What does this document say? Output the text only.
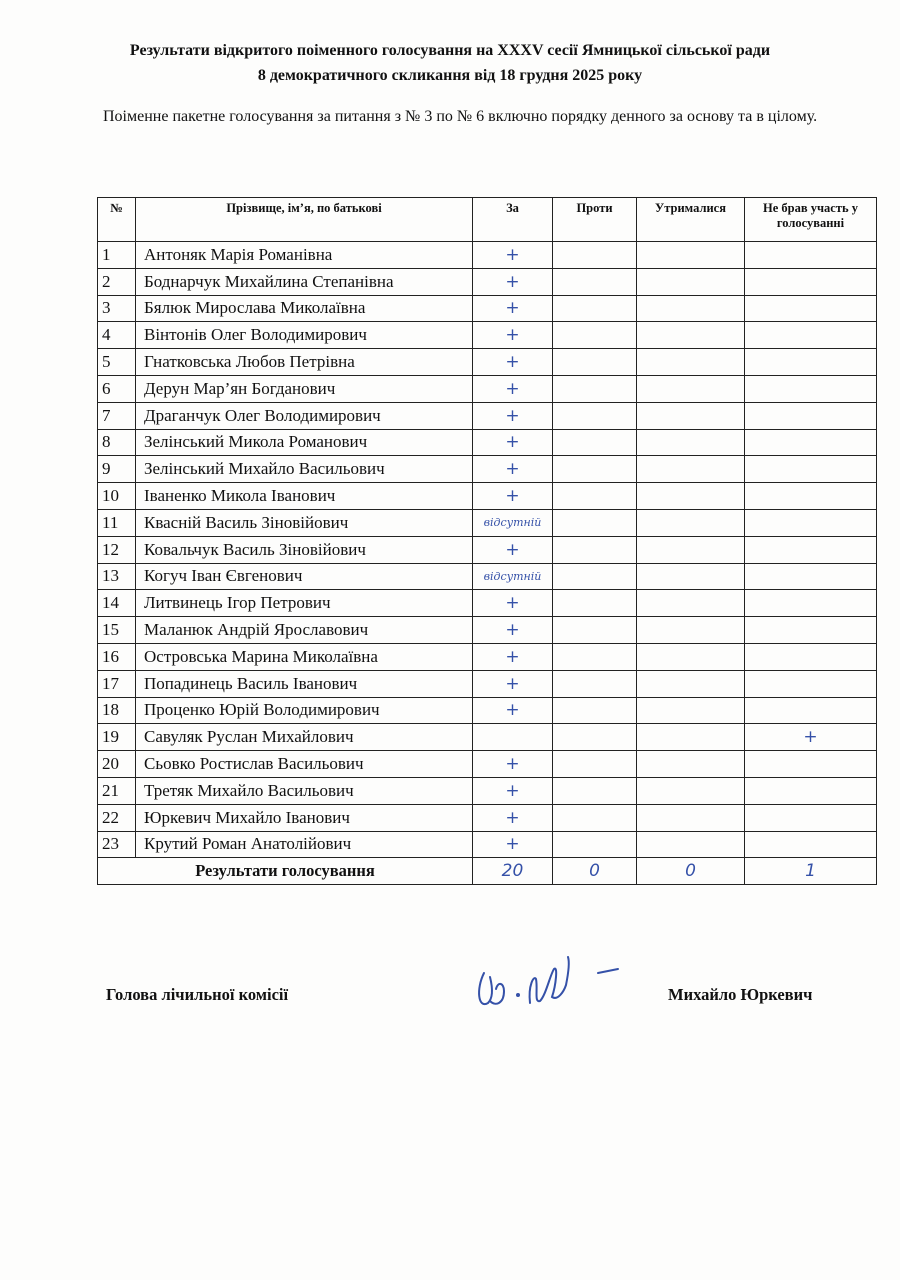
Результати відкритого поіменного голосування на XXXV сесії Ямницької сільської ради
8 демократичного скликання від 18 грудня 2025 року
Поіменне пакетне голосування за питання з № 3 по № 6 включно порядку денного за основу та в цілому.
№	Прізвище, ім’я, по батькові	За	Проти	Утрималися	Не брав участь у голосуванні
1	Антоняк Марія Романівна	+			
2	Боднарчук Михайлина Степанівна	+			
3	Бялюк Мирослава Миколаївна	+			
4	Вінтонів Олег Володимирович	+			
5	Гнатковська Любов Петрівна	+			
6	Дерун Мар’ян Богданович	+			
7	Драганчук Олег Володимирович	+			
8	Зелінський Микола Романович	+			
9	Зелінський Михайло Васильович	+			
10	Іваненко Микола Іванович	+			
11	Квасній Василь Зіновійович	відсутній			
12	Ковальчук Василь Зіновійович	+			
13	Когуч Іван Євгенович	відсутній			
14	Литвинець Ігор Петрович	+			
15	Маланюк Андрій Ярославович	+			
16	Островська Марина Миколаївна	+			
17	Попадинець Василь Іванович	+			
18	Проценко Юрій Володимирович	+			
19	Савуляк Руслан Михайлович				+
20	Сьовко Ростислав Васильович	+			
21	Третяк Михайло Васильович	+			
22	Юркевич Михайло Іванович	+			
23	Крутий Роман Анатолійович	+			
Результати голосування		20	0	0	1
Голова лічильної комісії	Михайло Юркевич
